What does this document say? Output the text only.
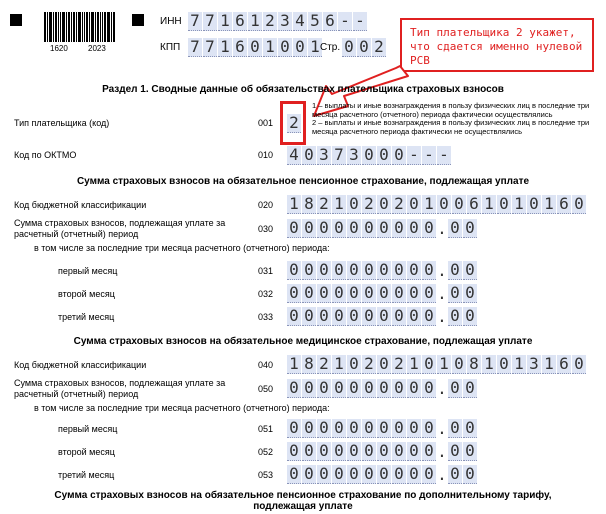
1620	2023
ИНН 7 7 1 6 1 2 3 4 5 6 - -
КПП 7 7 1 6 0 1 0 0 1 Стр. 0 0 2
Тип плательщика 2 укажет, что сдается именно нулевой РСВ
Раздел 1. Сводные данные об обязательствах плательщика страховых взносов
Тип плательщика (код)	001 2
1 – выплаты и иные вознаграждения в пользу физических лиц в последние три месяца расчетного (отчетного) периода фактически осуществлялись
2 – выплаты и иные вознаграждения в пользу физических лиц в последние три месяца расчетного периода фактически не осуществлялись
Код по ОКТМО	010 4 0 3 7 3 0 0 0 - - -
Сумма страховых взносов на обязательное пенсионное страхование, подлежащая уплате
Код бюджетной классификации	020 1 8 2 1 0 2 0 2 0 1 0 0 6 1 0 1 0 1 6 0
Сумма страховых взносов, подлежащая уплате за расчетный (отчетный) период	030 0 0 0 0 0 0 0 0 0 0 . 0 0
в том числе за последние три месяца расчетного (отчетного) периода:
первый месяц	031 0 0 0 0 0 0 0 0 0 0 . 0 0
второй месяц	032 0 0 0 0 0 0 0 0 0 0 . 0 0
третий месяц	033 0 0 0 0 0 0 0 0 0 0 . 0 0
Сумма страховых взносов на обязательное медицинское страхование, подлежащая уплате
Код бюджетной классификации	040 1 8 2 1 0 2 0 2 1 0 1 0 8 1 0 1 3 1 6 0
Сумма страховых взносов, подлежащая уплате за расчетный (отчетный) период	050 0 0 0 0 0 0 0 0 0 0 . 0 0
в том числе за последние три месяца расчетного (отчетного) периода:
первый месяц	051 0 0 0 0 0 0 0 0 0 0 . 0 0
второй месяц	052 0 0 0 0 0 0 0 0 0 0 . 0 0
третий месяц	053 0 0 0 0 0 0 0 0 0 0 . 0 0
Сумма страховых взносов на обязательное пенсионное страхование по дополнительному тарифу, подлежащая уплате
